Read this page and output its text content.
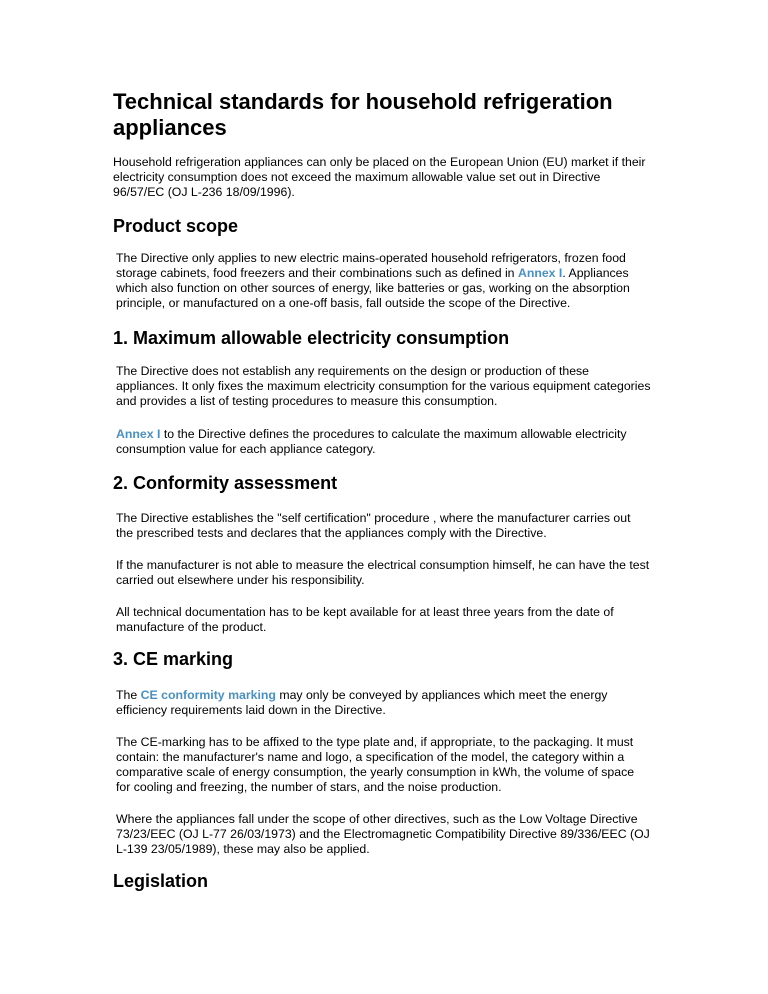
Technical standards for household refrigeration appliances

Household refrigeration appliances can only be placed on the European Union (EU) market if their electricity consumption does not exceed the maximum allowable value set out in Directive 96/57/EC (OJ L-236 18/09/1996).

Product scope

The Directive only applies to new electric mains-operated household refrigerators, frozen food storage cabinets, food freezers and their combinations such as defined in Annex I. Appliances which also function on other sources of energy, like batteries or gas, working on the absorption principle, or manufactured on a one-off basis, fall outside the scope of the Directive.

1. Maximum allowable electricity consumption

The Directive does not establish any requirements on the design or production of these appliances. It only fixes the maximum electricity consumption for the various equipment categories and provides a list of testing procedures to measure this consumption.

Annex I to the Directive defines the procedures to calculate the maximum allowable electricity consumption value for each appliance category.

2. Conformity assessment

The Directive establishes the "self certification" procedure , where the manufacturer carries out the prescribed tests and declares that the appliances comply with the Directive.

If the manufacturer is not able to measure the electrical consumption himself, he can have the test carried out elsewhere under his responsibility.

All technical documentation has to be kept available for at least three years from the date of manufacture of the product.

3. CE marking

The CE conformity marking may only be conveyed by appliances which meet the energy efficiency requirements laid down in the Directive.

The CE-marking has to be affixed to the type plate and, if appropriate, to the packaging. It must contain: the manufacturer's name and logo, a specification of the model, the category within a comparative scale of energy consumption, the yearly consumption in kWh, the volume of space for cooling and freezing, the number of stars, and the noise production.

Where the appliances fall under the scope of other directives, such as the Low Voltage Directive 73/23/EEC (OJ L-77 26/03/1973) and the Electromagnetic Compatibility Directive 89/336/EEC (OJ L-139 23/05/1989), these may also be applied.

Legislation
